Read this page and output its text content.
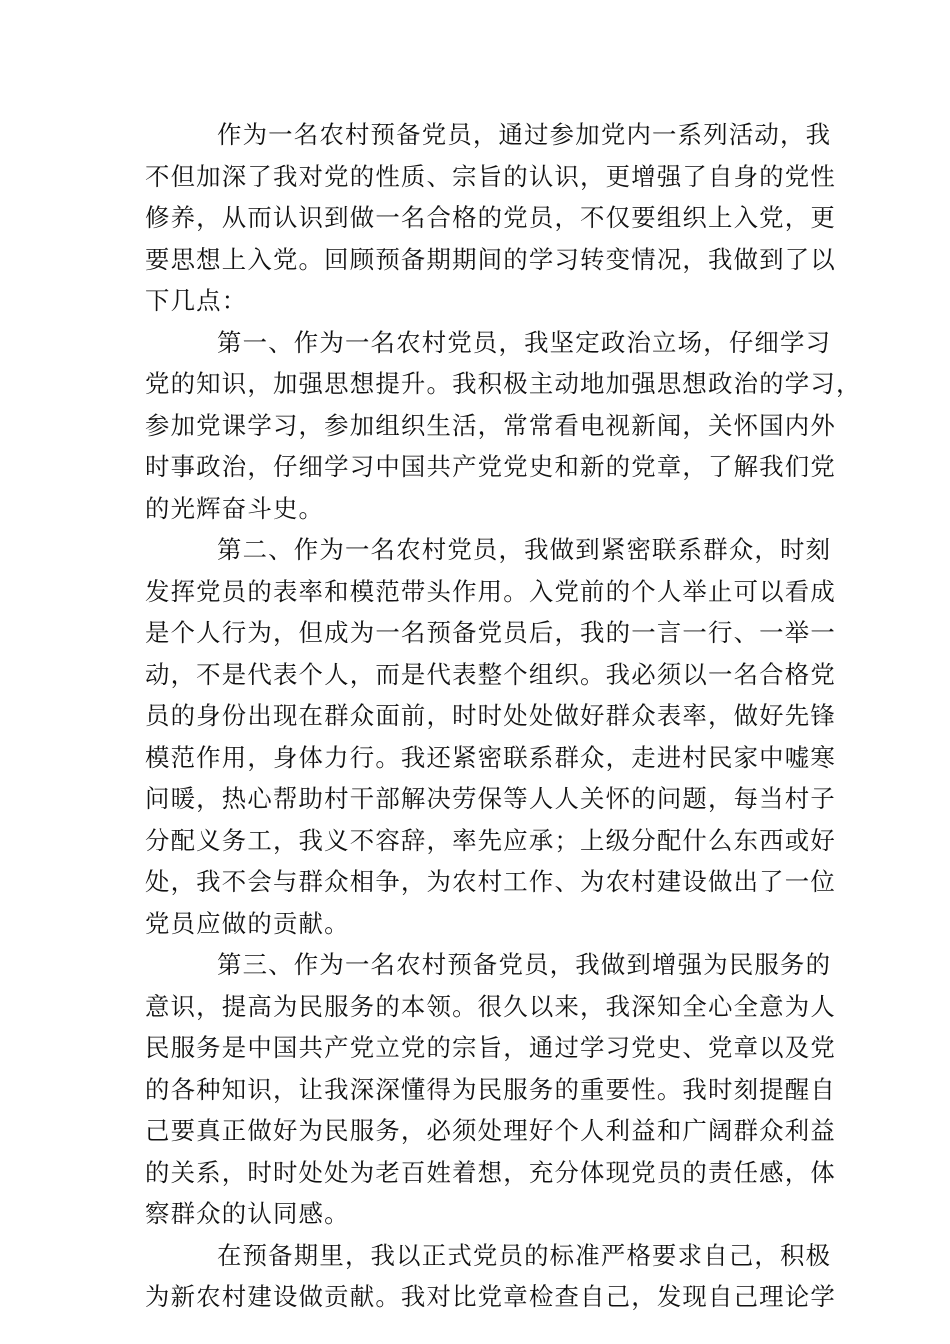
作为一名农村预备党员，通过参加党内一系列活动，我
不但加深了我对党的性质、宗旨的认识，更增强了自身的党性
修养，从而认识到做一名合格的党员，不仅要组织上入党，更
要思想上入党。回顾预备期期间的学习转变情况，我做到了以
下几点：
第一、作为一名农村党员，我坚定政治立场，仔细学习
党的知识，加强思想提升。我积极主动地加强思想政治的学习，
参加党课学习，参加组织生活，常常看电视新闻，关怀国内外
时事政治，仔细学习中国共产党党史和新的党章，了解我们党
的光辉奋斗史。
第二、作为一名农村党员，我做到紧密联系群众，时刻
发挥党员的表率和模范带头作用。入党前的个人举止可以看成
是个人行为，但成为一名预备党员后，我的一言一行、一举一
动，不是代表个人，而是代表整个组织。我必须以一名合格党
员的身份出现在群众面前，时时处处做好群众表率，做好先锋
模范作用，身体力行。我还紧密联系群众，走进村民家中嘘寒
问暖，热心帮助村干部解决劳保等人人关怀的问题，每当村子
分配义务工，我义不容辞，率先应承；上级分配什么东西或好
处，我不会与群众相争，为农村工作、为农村建设做出了一位
党员应做的贡献。
第三、作为一名农村预备党员，我做到增强为民服务的
意识，提高为民服务的本领。很久以来，我深知全心全意为人
民服务是中国共产党立党的宗旨，通过学习党史、党章以及党
的各种知识，让我深深懂得为民服务的重要性。我时刻提醒自
己要真正做好为民服务，必须处理好个人利益和广阔群众利益
的关系，时时处处为老百姓着想，充分体现党员的责任感，体
察群众的认同感。
在预备期里，我以正式党员的标准严格要求自己，积极
为新农村建设做贡献。我对比党章检查自己，发现自己理论学
